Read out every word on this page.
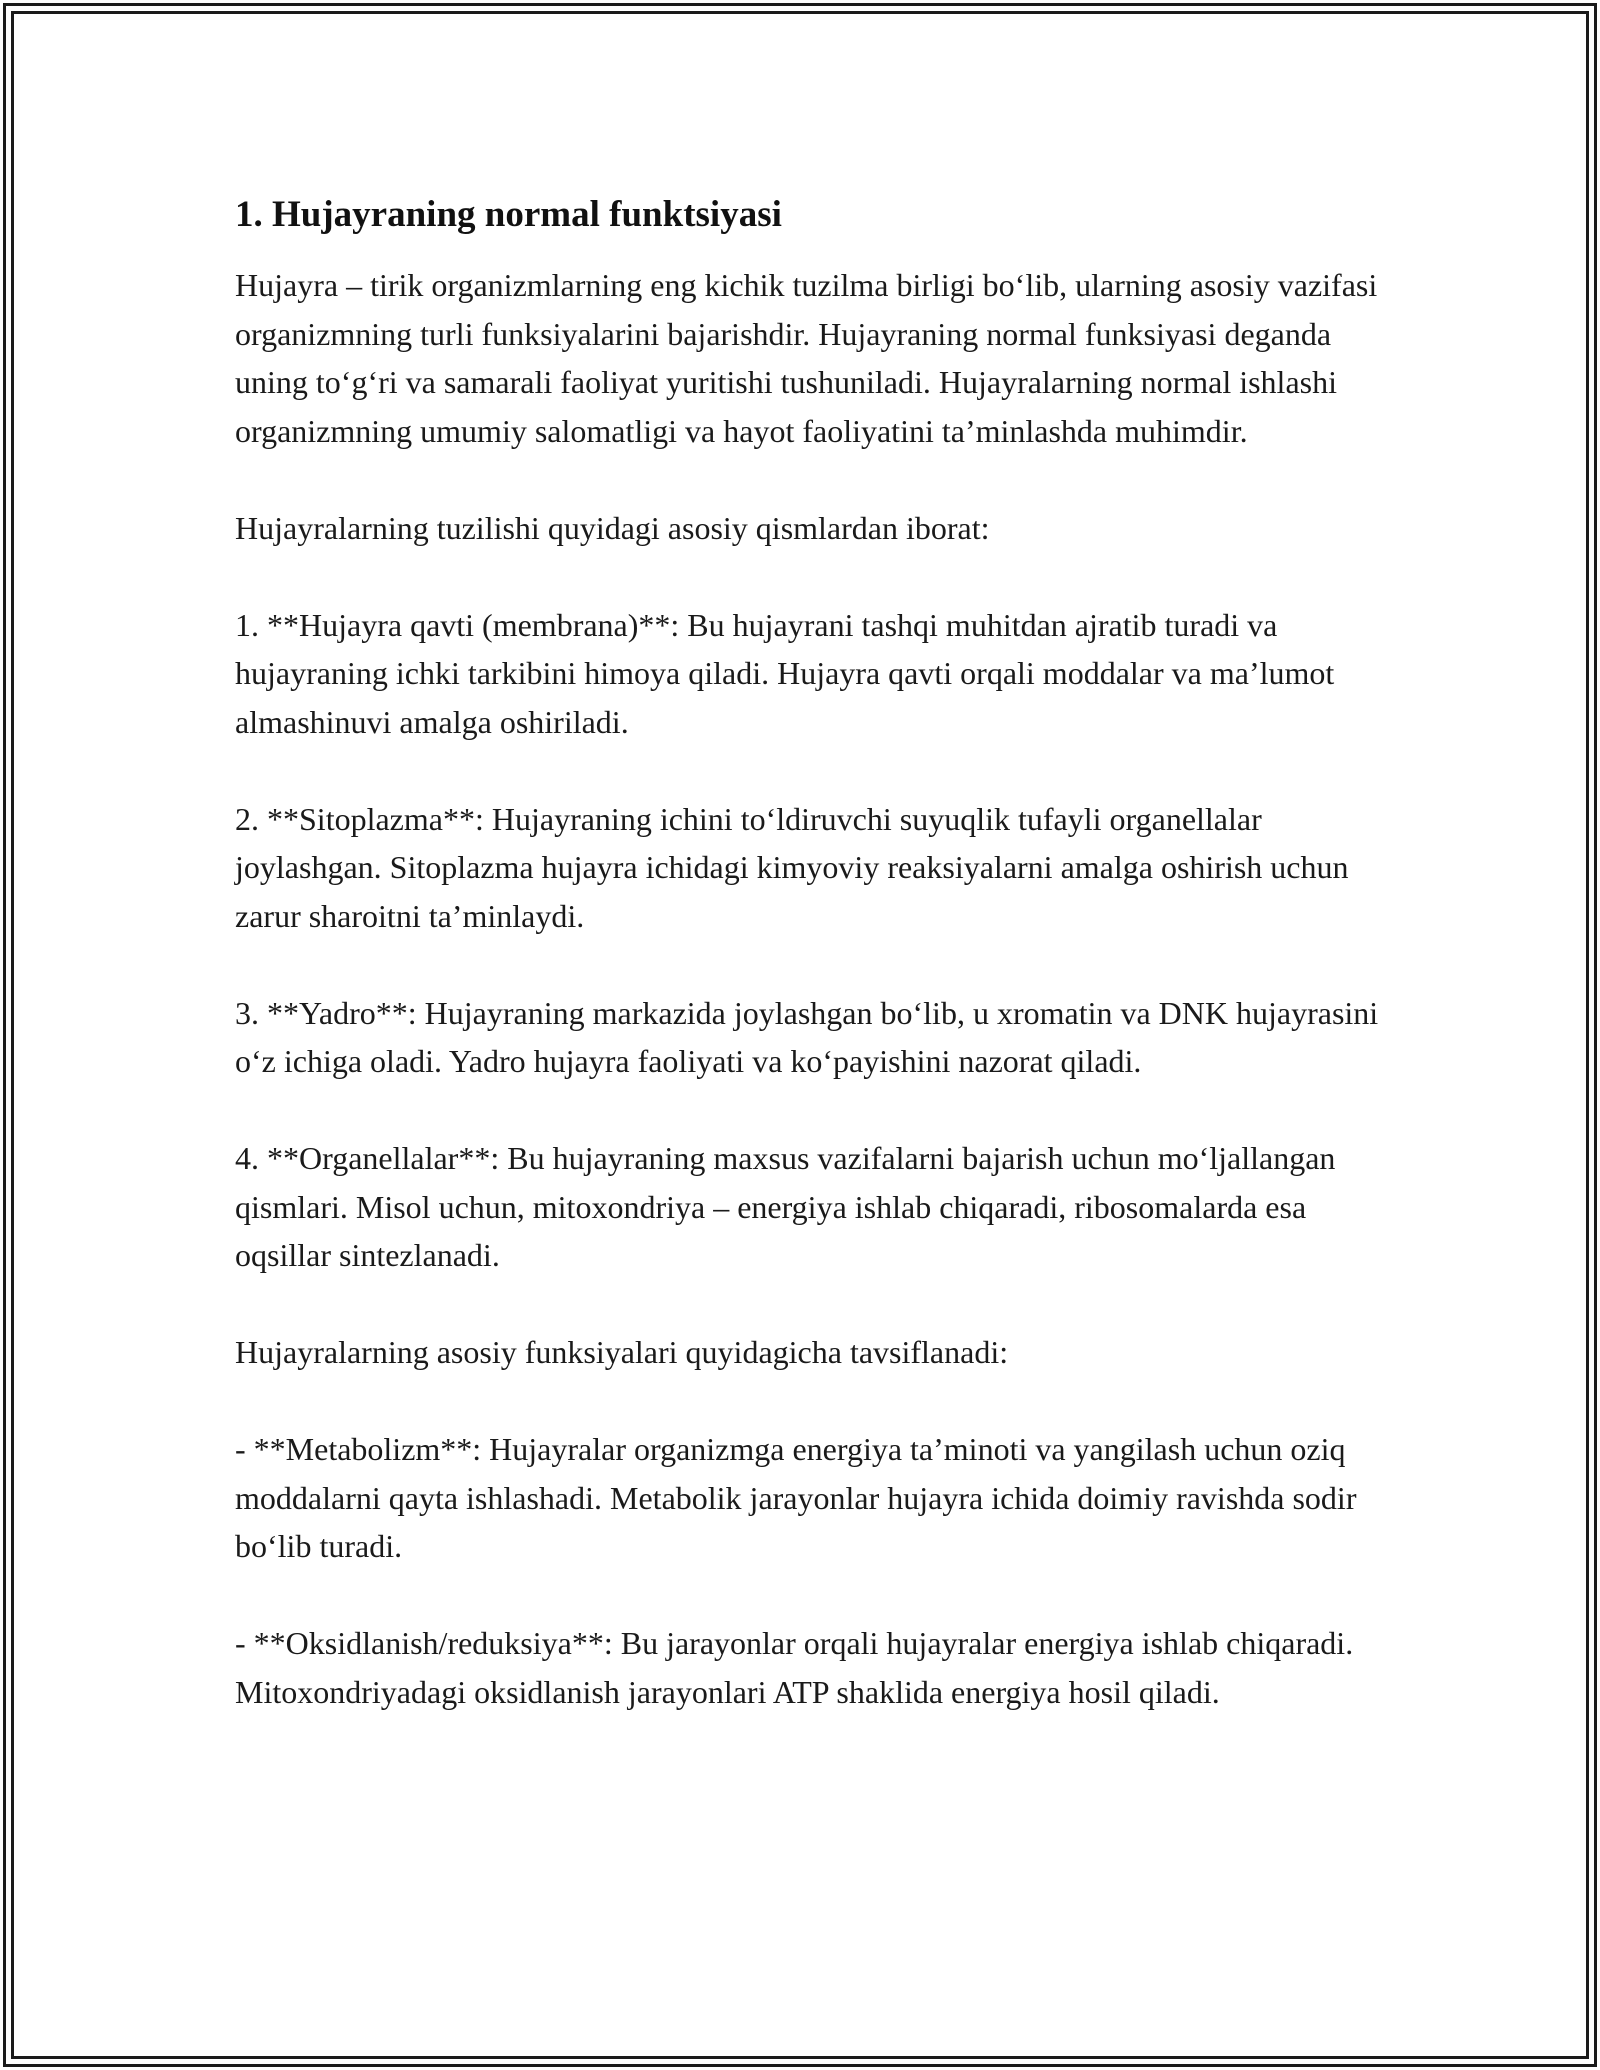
1. Hujayraning normal funktsiyasi

Hujayra – tirik organizmlarning eng kichik tuzilma birligi bo‘lib, ularning asosiy vazifasi organizmning turli funksiyalarini bajarishdir. Hujayraning normal funksiyasi deganda uning to‘g‘ri va samarali faoliyat yuritishi tushuniladi. Hujayralarning normal ishlashi organizmning umumiy salomatligi va hayot faoliyatini ta’minlashda muhimdir.

Hujayralarning tuzilishi quyidagi asosiy qismlardan iborat:

1. **Hujayra qavti (membrana)**: Bu hujayrani tashqi muhitdan ajratib turadi va hujayraning ichki tarkibini himoya qiladi. Hujayra qavti orqali moddalar va ma’lumot almashinuvi amalga oshiriladi.

2. **Sitoplazma**: Hujayraning ichini to‘ldiruvchi suyuqlik tufayli organellalar joylashgan. Sitoplazma hujayra ichidagi kimyoviy reaksiyalarni amalga oshirish uchun zarur sharoitni ta’minlaydi.

3. **Yadro**: Hujayraning markazida joylashgan bo‘lib, u xromatin va DNK hujayrasini o‘z ichiga oladi. Yadro hujayra faoliyati va ko‘payishini nazorat qiladi.

4. **Organellalar**: Bu hujayraning maxsus vazifalarni bajarish uchun mo‘ljallangan qismlari. Misol uchun, mitoxondriya – energiya ishlab chiqaradi, ribosomalarda esa oqsillar sintezlanadi.

Hujayralarning asosiy funksiyalari quyidagicha tavsiflanadi:

- **Metabolizm**: Hujayralar organizmga energiya ta’minoti va yangilash uchun oziq moddalarni qayta ishlashadi. Metabolik jarayonlar hujayra ichida doimiy ravishda sodir bo‘lib turadi.

- **Oksidlanish/reduksiya**: Bu jarayonlar orqali hujayralar energiya ishlab chiqaradi. Mitoxondriyadagi oksidlanish jarayonlari ATP shaklida energiya hosil qiladi.
